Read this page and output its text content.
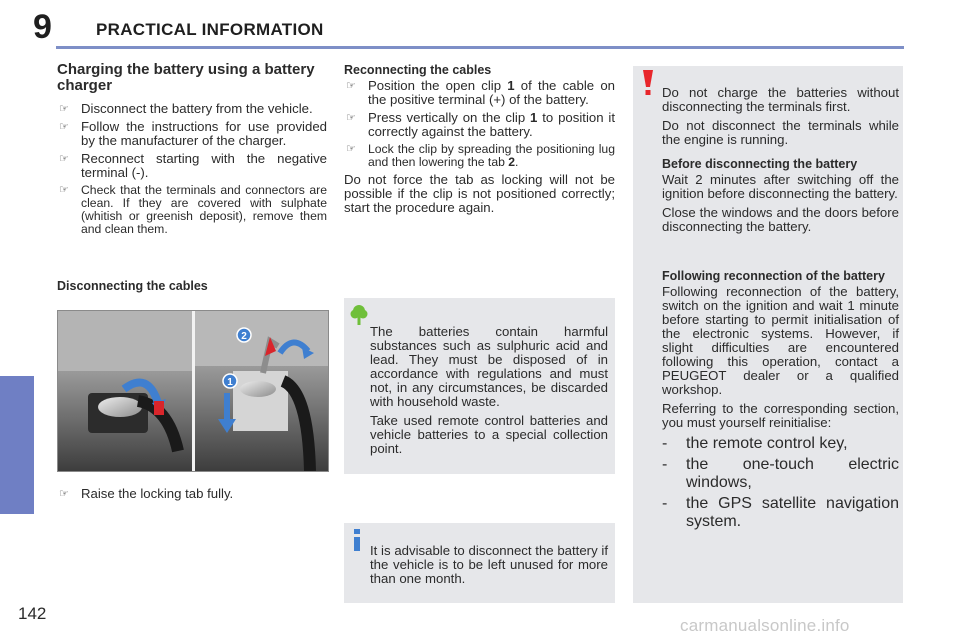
9	PRACTICAL INFORMATION
Charging the battery using a battery charger
☞ Disconnect the battery from the vehicle.
☞ Follow the instructions for use provided by the manufacturer of the charger.
☞ Reconnect starting with the negative terminal (-).
☞ Check that the terminals and connectors are clean. If they are covered with sulphate (whitish or greenish deposit), remove them and clean them.
Disconnecting the cables
1
2
☞ Raise the locking tab fully.
Reconnecting the cables
☞ Position the open clip 1 of the cable on the positive terminal (+) of the battery.
☞ Press vertically on the clip 1 to position it correctly against the battery.
☞ Lock the clip by spreading the positioning lug and then lowering the tab 2.

Do not force the tab as locking will not be possible if the clip is not positioned correctly; start the procedure again.

The batteries contain harmful substances such as sulphuric acid and lead. They must be disposed of in accordance with regulations and must not, in any circumstances, be discarded with household waste.

Take used remote control batteries and vehicle batteries to a special collection point.

It is advisable to disconnect the battery if the vehicle is to be left unused for more than one month.

Do not charge the batteries without disconnecting the terminals first.

Do not disconnect the terminals while the engine is running.

Before disconnecting the battery

Wait 2 minutes after switching off the ignition before disconnecting the battery.

Close the windows and the doors before disconnecting the battery.

Following reconnection of the battery

Following reconnection of the battery, switch on the ignition and wait 1 minute before starting to permit initialisation of the electronic systems. However, if slight difficulties are encountered following this operation, contact a PEUGEOT dealer or a qualified workshop.

Referring to the corresponding section, you must yourself reinitialise:

- the remote control key,
- the one-touch electric windows,
- the GPS satellite navigation system.
142
carmanualsonline.info
